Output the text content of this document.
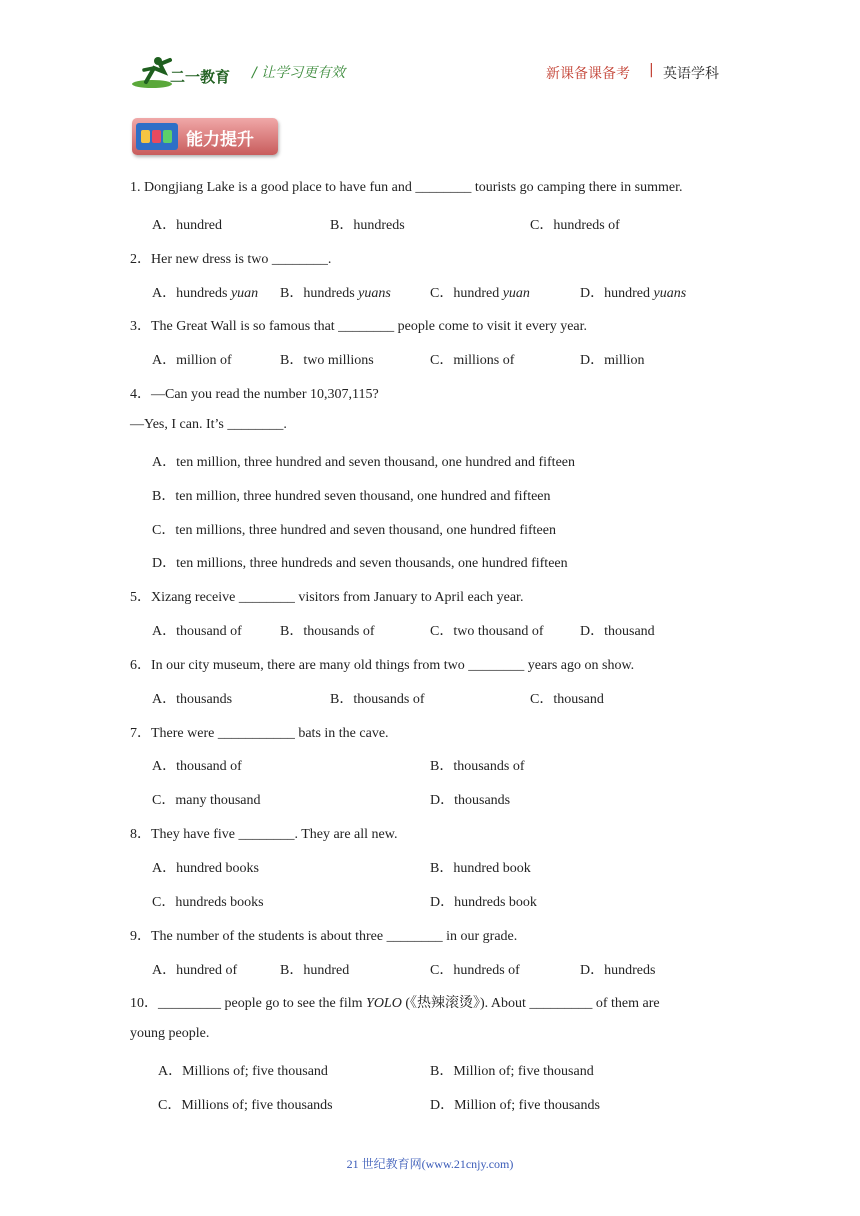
二一教育 / 让学习更有效	新课备课备考 | 英语学科
能力提升
1. Dongjiang Lake is a good place to have fun and ________ tourists go camping there in summer.
A．hundred	B．hundreds	C．hundreds of
2．Her new dress is two ________.
A．hundreds yuan B．hundreds yuans	C．hundred yuan	D．hundred yuans
3．The Great Wall is so famous that ________ people come to visit it every year.
A．million of	B．two millions	C．millions of	D．million
4．—Can you read the number 10,307,115?
—Yes, I can. It’s ________.
A．ten million, three hundred and seven thousand, one hundred and fifteen
B．ten million, three hundred seven thousand, one hundred and fifteen
C．ten millions, three hundred and seven thousand, one hundred fifteen
D．ten millions, three hundreds and seven thousands, one hundred fifteen
5．Xizang receive ________ visitors from January to April each year.
A．thousand of	B．thousands of	C．two thousand of	D．thousand
6．In our city museum, there are many old things from two ________ years ago on show.
A．thousands	B．thousands of	C．thousand
7．There were ___________ bats in the cave.
A．thousand of	B．thousands of
C．many thousand	D．thousands
8．They have five ________. They are all new.
A．hundred books	B．hundred book
C．hundreds books	D．hundreds book
9．The number of the students is about three ________ in our grade.
A．hundred of	B．hundred	C．hundreds of	D．hundreds
10．_________ people go to see the film YOLO (《热辣滚烫》). About _________ of them are
young people.
A．Millions of; five thousand	B．Million of; five thousand
C．Millions of; five thousands	D．Million of; five thousands
21 世纪教育网(www.21cnjy.com)
